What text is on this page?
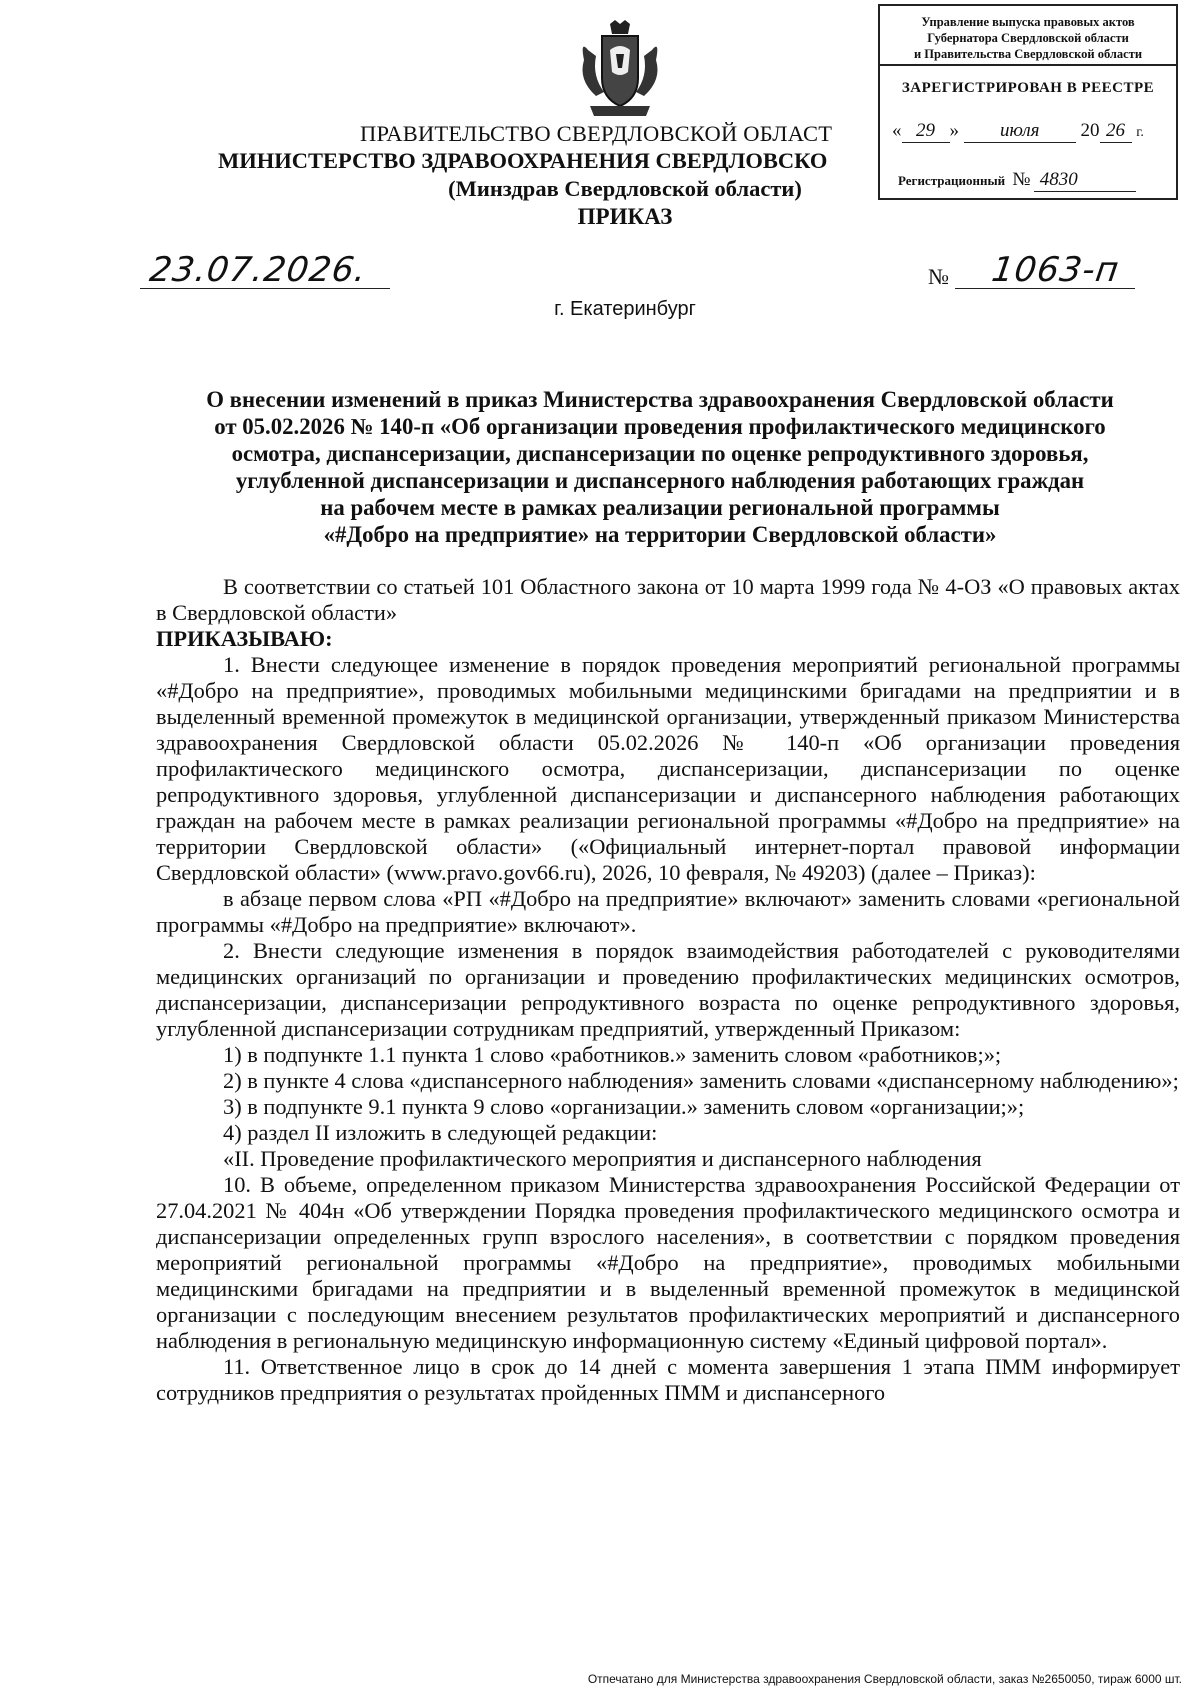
Управление выпуска правовых актов
Губернатора Свердловской области
и Правительства Свердловской области
ЗАРЕГИСТРИРОВАН В РЕЕСТРЕ
« 29 » июля 20 26 г.
Регистрационный № 4830
ПРАВИТЕЛЬСТВО СВЕРДЛОВСКОЙ ОБЛАСТ
МИНИСТЕРСТВО ЗДРАВООХРАНЕНИЯ СВЕРДЛОВСКО
(Минздрав Свердловской области)
ПРИКАЗ
23.07.2026.	№ 1063-п
г. Екатеринбург
О внесении изменений в приказ Министерства здравоохранения Свердловской области
от 05.02.2026 № 140-п «Об организации проведения профилактического медицинского
осмотра, диспансеризации, диспансеризации по оценке репродуктивного здоровья,
углубленной диспансеризации и диспансерного наблюдения работающих граждан
на рабочем месте в рамках реализации региональной программы
«#Добро на предприятие» на территории Свердловской области»

В соответствии со статьей 101 Областного закона от 10 марта 1999 года № 4-ОЗ «О правовых актах в Свердловской области»

ПРИКАЗЫВАЮ:

1. Внести следующее изменение в порядок проведения мероприятий региональной программы «#Добро на предприятие», проводимых мобильными медицинскими бригадами на предприятии и в выделенный временной промежуток в медицинской организации, утвержденный приказом Министерства здравоохранения Свердловской области 05.02.2026 № 140-п «Об организации проведения профилактического медицинского осмотра, диспансеризации, диспансеризации по оценке репродуктивного здоровья, углубленной диспансеризации и диспансерного наблюдения работающих граждан на рабочем месте в рамках реализации региональной программы «#Добро на предприятие» на территории Свердловской области» («Официальный интернет-портал правовой информации Свердловской области» (www.pravo.gov66.ru), 2026, 10 февраля, № 49203) (далее – Приказ):

в абзаце первом слова «РП «#Добро на предприятие» включают» заменить словами «региональной программы «#Добро на предприятие» включают».

2. Внести следующие изменения в порядок взаимодействия работодателей с руководителями медицинских организаций по организации и проведению профилактических медицинских осмотров, диспансеризации, диспансеризации репродуктивного возраста по оценке репродуктивного здоровья, углубленной диспансеризации сотрудникам предприятий, утвержденный Приказом:

1) в подпункте 1.1 пункта 1 слово «работников.» заменить словом «работников;»;

2) в пункте 4 слова «диспансерного наблюдения» заменить словами «диспансерному наблюдению»;

3) в подпункте 9.1 пункта 9 слово «организации.» заменить словом «организации;»;

4) раздел II изложить в следующей редакции:

«II. Проведение профилактического мероприятия и диспансерного наблюдения

10. В объеме, определенном приказом Министерства здравоохранения Российской Федерации от 27.04.2021 № 404н «Об утверждении Порядка проведения профилактического медицинского осмотра и диспансеризации определенных групп взрослого населения», в соответствии с порядком проведения мероприятий региональной программы «#Добро на предприятие», проводимых мобильными медицинскими бригадами на предприятии и в выделенный временной промежуток в медицинской организации с последующим внесением результатов профилактических мероприятий и диспансерного наблюдения в региональную медицинскую информационную систему «Единый цифровой портал».

11. Ответственное лицо в срок до 14 дней с момента завершения 1 этапа ПММ информирует сотрудников предприятия о результатах пройденных ПММ и диспансерного

Отпечатано для Министерства здравоохранения Свердловской области, заказ №2650050, тираж 6000 шт.
